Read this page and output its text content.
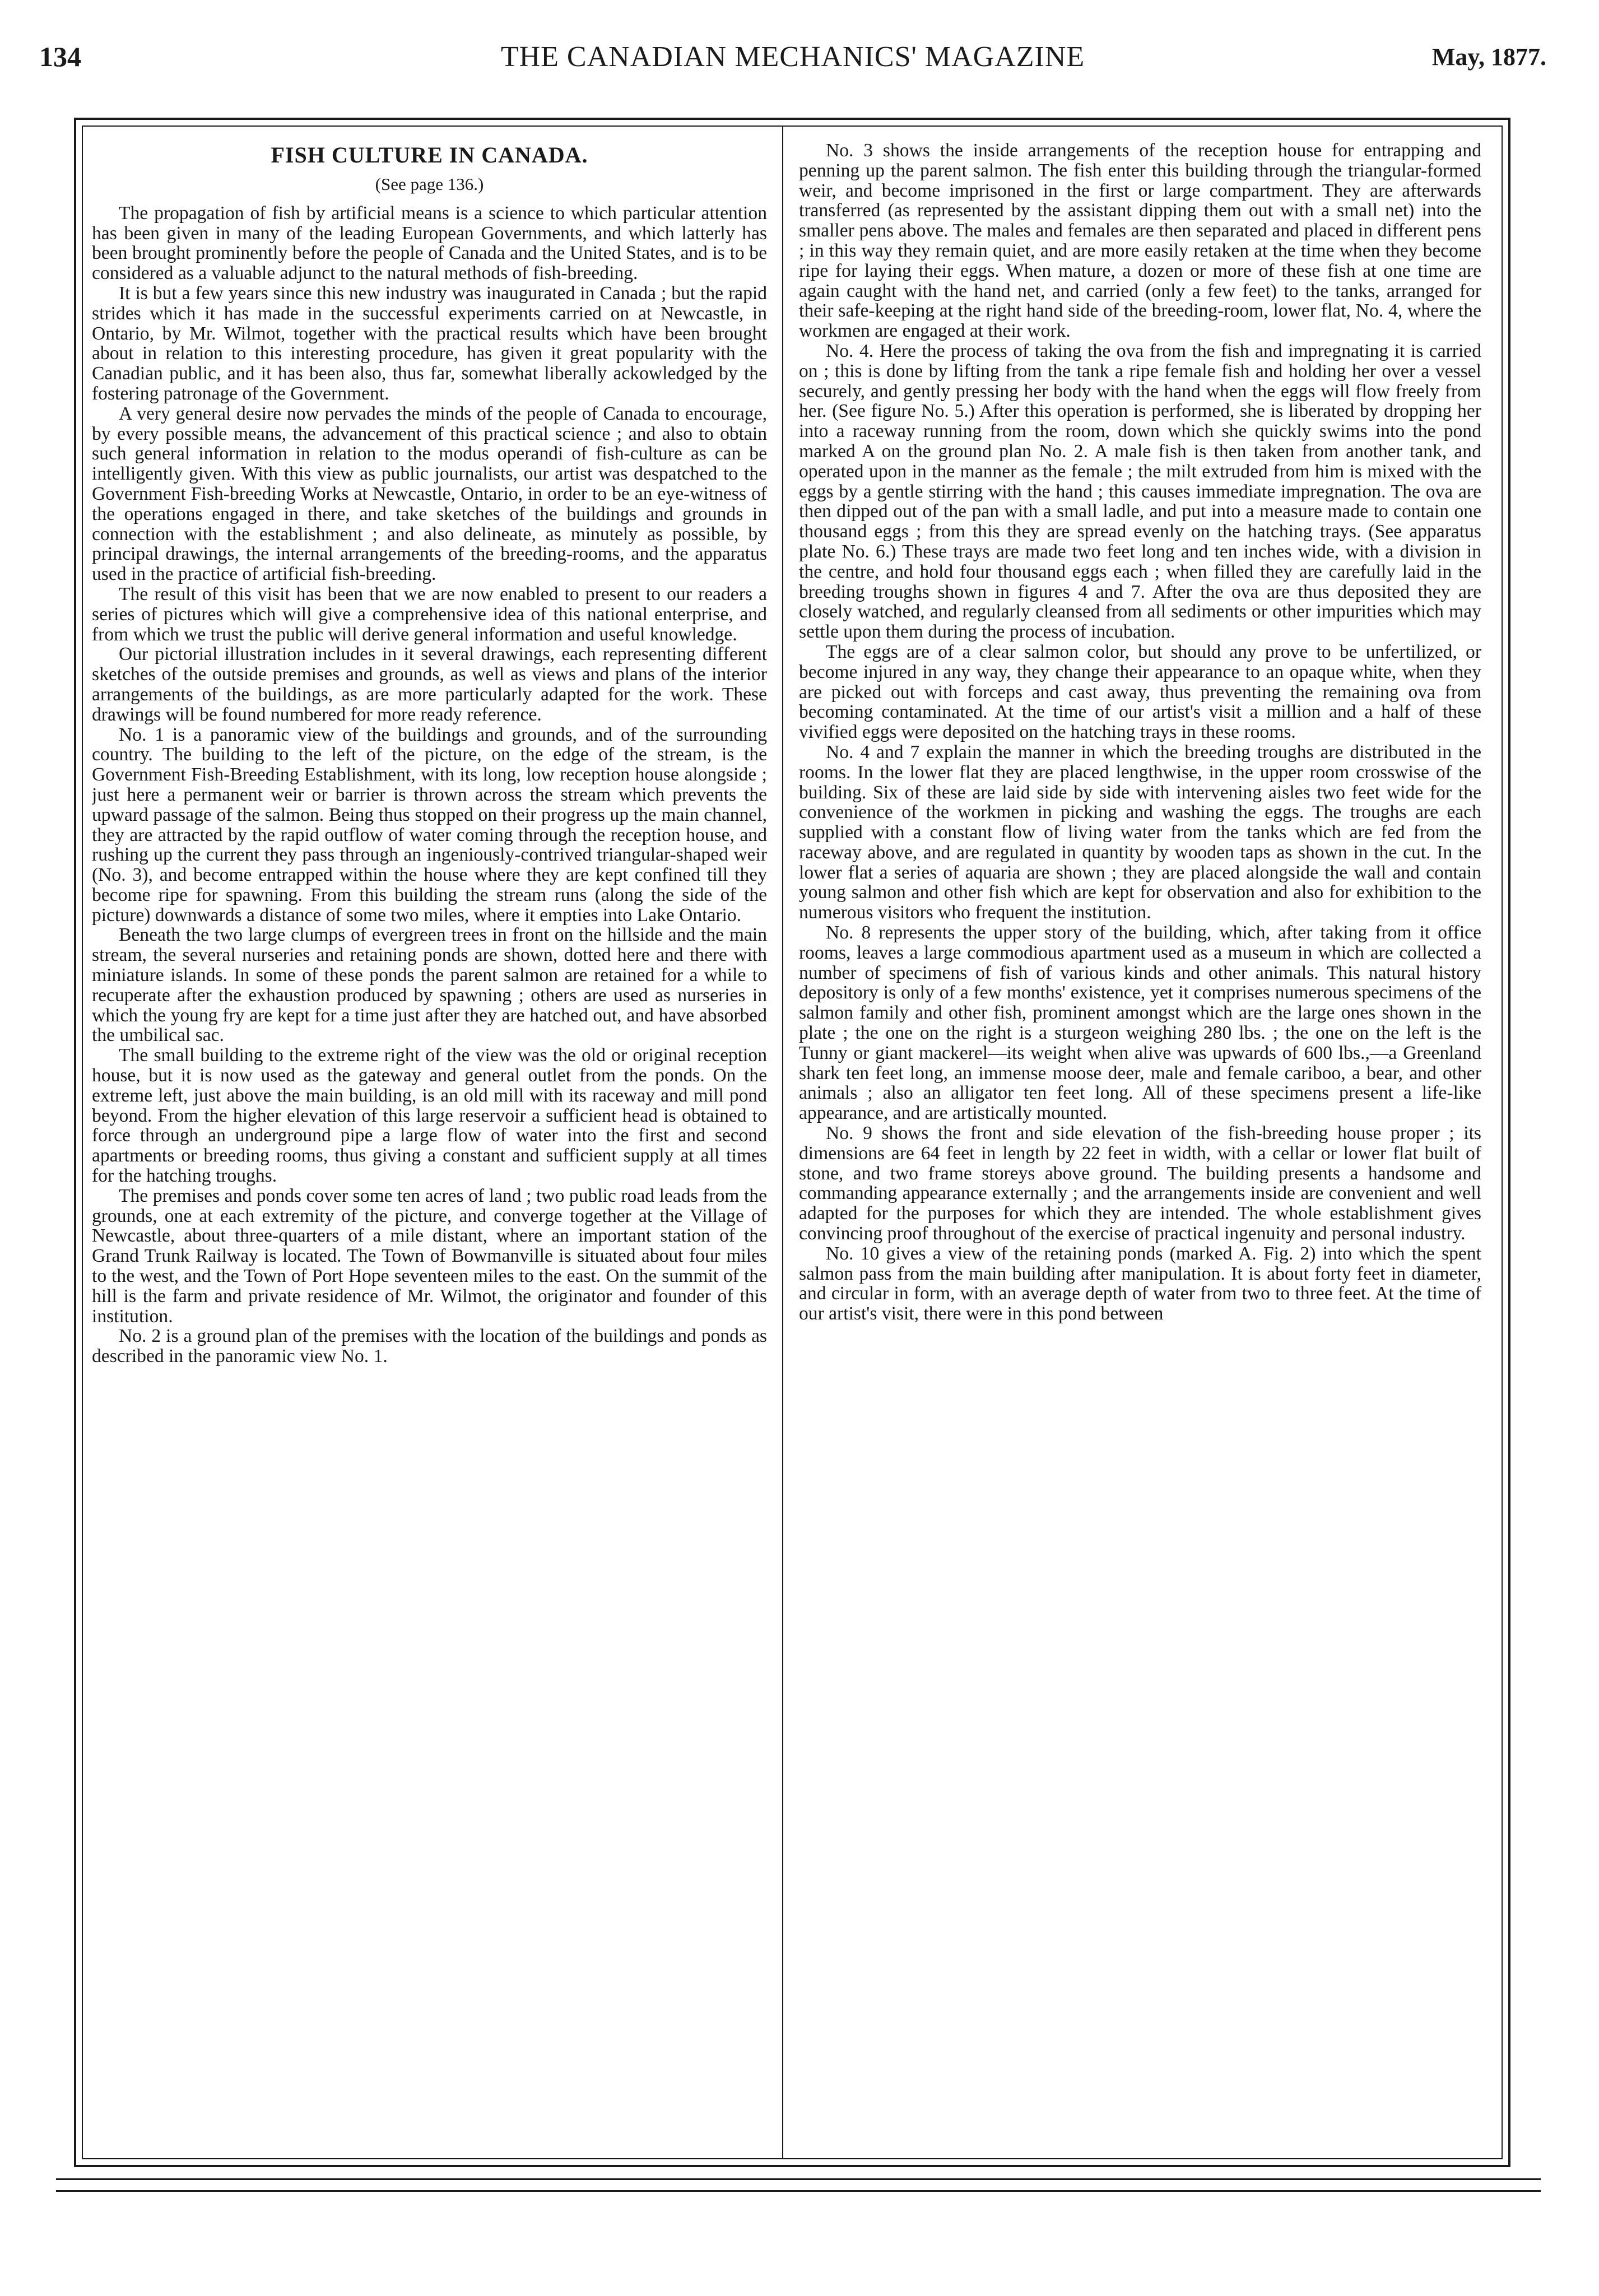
134	THE CANADIAN MECHANICS' MAGAZINE	May, 1877.
FISH CULTURE IN CANADA.
(See page 136.)

The propagation of fish by artificial means is a science to which particular attention has been given in many of the leading European Governments, and which latterly has been brought prominently before the people of Canada and the United States, and is to be considered as a valuable adjunct to the natural methods of fish-breeding.

It is but a few years since this new industry was inaugurated in Canada ; but the rapid strides which it has made in the successful experiments carried on at Newcastle, in Ontario, by Mr. Wilmot, together with the practical results which have been brought about in relation to this interesting procedure, has given it great popularity with the Canadian public, and it has been also, thus far, somewhat liberally ackowledged by the fostering patronage of the Government.

A very general desire now pervades the minds of the people of Canada to encourage, by every possible means, the advancement of this practical science ; and also to obtain such general information in relation to the modus operandi of fish-culture as can be intelligently given. With this view as public journalists, our artist was despatched to the Government Fish-breeding Works at Newcastle, Ontario, in order to be an eye-witness of the operations engaged in there, and take sketches of the buildings and grounds in connection with the establishment ; and also delineate, as minutely as possible, by principal drawings, the internal arrangements of the breeding-rooms, and the apparatus used in the practice of artificial fish-breeding.

The result of this visit has been that we are now enabled to present to our readers a series of pictures which will give a comprehensive idea of this national enterprise, and from which we trust the public will derive general information and useful knowledge.

Our pictorial illustration includes in it several drawings, each representing different sketches of the outside premises and grounds, as well as views and plans of the interior arrangements of the buildings, as are more particularly adapted for the work. These drawings will be found numbered for more ready reference.

No. 1 is a panoramic view of the buildings and grounds, and of the surrounding country. The building to the left of the picture, on the edge of the stream, is the Government Fish-Breeding Establishment, with its long, low reception house alongside ; just here a permanent weir or barrier is thrown across the stream which prevents the upward passage of the salmon. Being thus stopped on their progress up the main channel, they are attracted by the rapid outflow of water coming through the reception house, and rushing up the current they pass through an ingeniously-contrived triangular-shaped weir (No. 3), and become entrapped within the house where they are kept confined till they become ripe for spawning. From this building the stream runs (along the side of the picture) downwards a distance of some two miles, where it empties into Lake Ontario.

Beneath the two large clumps of evergreen trees in front on the hillside and the main stream, the several nurseries and retaining ponds are shown, dotted here and there with miniature islands. In some of these ponds the parent salmon are retained for a while to recuperate after the exhaustion produced by spawning ; others are used as nurseries in which the young fry are kept for a time just after they are hatched out, and have absorbed the umbilical sac.

The small building to the extreme right of the view was the old or original reception house, but it is now used as the gateway and general outlet from the ponds. On the extreme left, just above the main building, is an old mill with its raceway and mill pond beyond. From the higher elevation of this large reservoir a sufficient head is obtained to force through an underground pipe a large flow of water into the first and second apartments or breeding rooms, thus giving a constant and sufficient supply at all times for the hatching troughs.

The premises and ponds cover some ten acres of land ; two public road leads from the grounds, one at each extremity of the picture, and converge together at the Village of Newcastle, about three-quarters of a mile distant, where an important station of the Grand Trunk Railway is located. The Town of Bowmanville is situated about four miles to the west, and the Town of Port Hope seventeen miles to the east. On the summit of the hill is the farm and private residence of Mr. Wilmot, the originator and founder of this institution.

No. 2 is a ground plan of the premises with the location of the buildings and ponds as described in the panoramic view No. 1.

No. 3 shows the inside arrangements of the reception house for entrapping and penning up the parent salmon. The fish enter this building through the triangular-formed weir, and become imprisoned in the first or large compartment. They are afterwards transferred (as represented by the assistant dipping them out with a small net) into the smaller pens above. The males and females are then separated and placed in different pens ; in this way they remain quiet, and are more easily retaken at the time when they become ripe for laying their eggs. When mature, a dozen or more of these fish at one time are again caught with the hand net, and carried (only a few feet) to the tanks, arranged for their safe-keeping at the right hand side of the breeding-room, lower flat, No. 4, where the workmen are engaged at their work.

No. 4. Here the process of taking the ova from the fish and impregnating it is carried on ; this is done by lifting from the tank a ripe female fish and holding her over a vessel securely, and gently pressing her body with the hand when the eggs will flow freely from her. (See figure No. 5.) After this operation is performed, she is liberated by dropping her into a raceway running from the room, down which she quickly swims into the pond marked A on the ground plan No. 2. A male fish is then taken from another tank, and operated upon in the manner as the female ; the milt extruded from him is mixed with the eggs by a gentle stirring with the hand ; this causes immediate impregnation. The ova are then dipped out of the pan with a small ladle, and put into a measure made to contain one thousand eggs ; from this they are spread evenly on the hatching trays. (See apparatus plate No. 6.) These trays are made two feet long and ten inches wide, with a division in the centre, and hold four thousand eggs each ; when filled they are carefully laid in the breeding troughs shown in figures 4 and 7. After the ova are thus deposited they are closely watched, and regularly cleansed from all sediments or other impurities which may settle upon them during the process of incubation.

The eggs are of a clear salmon color, but should any prove to be unfertilized, or become injured in any way, they change their appearance to an opaque white, when they are picked out with forceps and cast away, thus preventing the remaining ova from becoming contaminated. At the time of our artist's visit a million and a half of these vivified eggs were deposited on the hatching trays in these rooms.

No. 4 and 7 explain the manner in which the breeding troughs are distributed in the rooms. In the lower flat they are placed lengthwise, in the upper room crosswise of the building. Six of these are laid side by side with intervening aisles two feet wide for the convenience of the workmen in picking and washing the eggs. The troughs are each supplied with a constant flow of living water from the tanks which are fed from the raceway above, and are regulated in quantity by wooden taps as shown in the cut. In the lower flat a series of aquaria are shown ; they are placed alongside the wall and contain young salmon and other fish which are kept for observation and also for exhibition to the numerous visitors who frequent the institution.

No. 8 represents the upper story of the building, which, after taking from it office rooms, leaves a large commodious apartment used as a museum in which are collected a number of specimens of fish of various kinds and other animals. This natural history depository is only of a few months' existence, yet it comprises numerous specimens of the salmon family and other fish, prominent amongst which are the large ones shown in the plate ; the one on the right is a sturgeon weighing 280 lbs. ; the one on the left is the Tunny or giant mackerel—its weight when alive was upwards of 600 lbs.,—a Greenland shark ten feet long, an immense moose deer, male and female cariboo, a bear, and other animals ; also an alligator ten feet long. All of these specimens present a life-like appearance, and are artistically mounted.

No. 9 shows the front and side elevation of the fish-breeding house proper ; its dimensions are 64 feet in length by 22 feet in width, with a cellar or lower flat built of stone, and two frame storeys above ground. The building presents a handsome and commanding appearance externally ; and the arrangements inside are convenient and well adapted for the purposes for which they are intended. The whole establishment gives convincing proof throughout of the exercise of practical ingenuity and personal industry.

No. 10 gives a view of the retaining ponds (marked A. Fig. 2) into which the spent salmon pass from the main building after manipulation. It is about forty feet in diameter, and circular in form, with an average depth of water from two to three feet. At the time of our artist's visit, there were in this pond between
